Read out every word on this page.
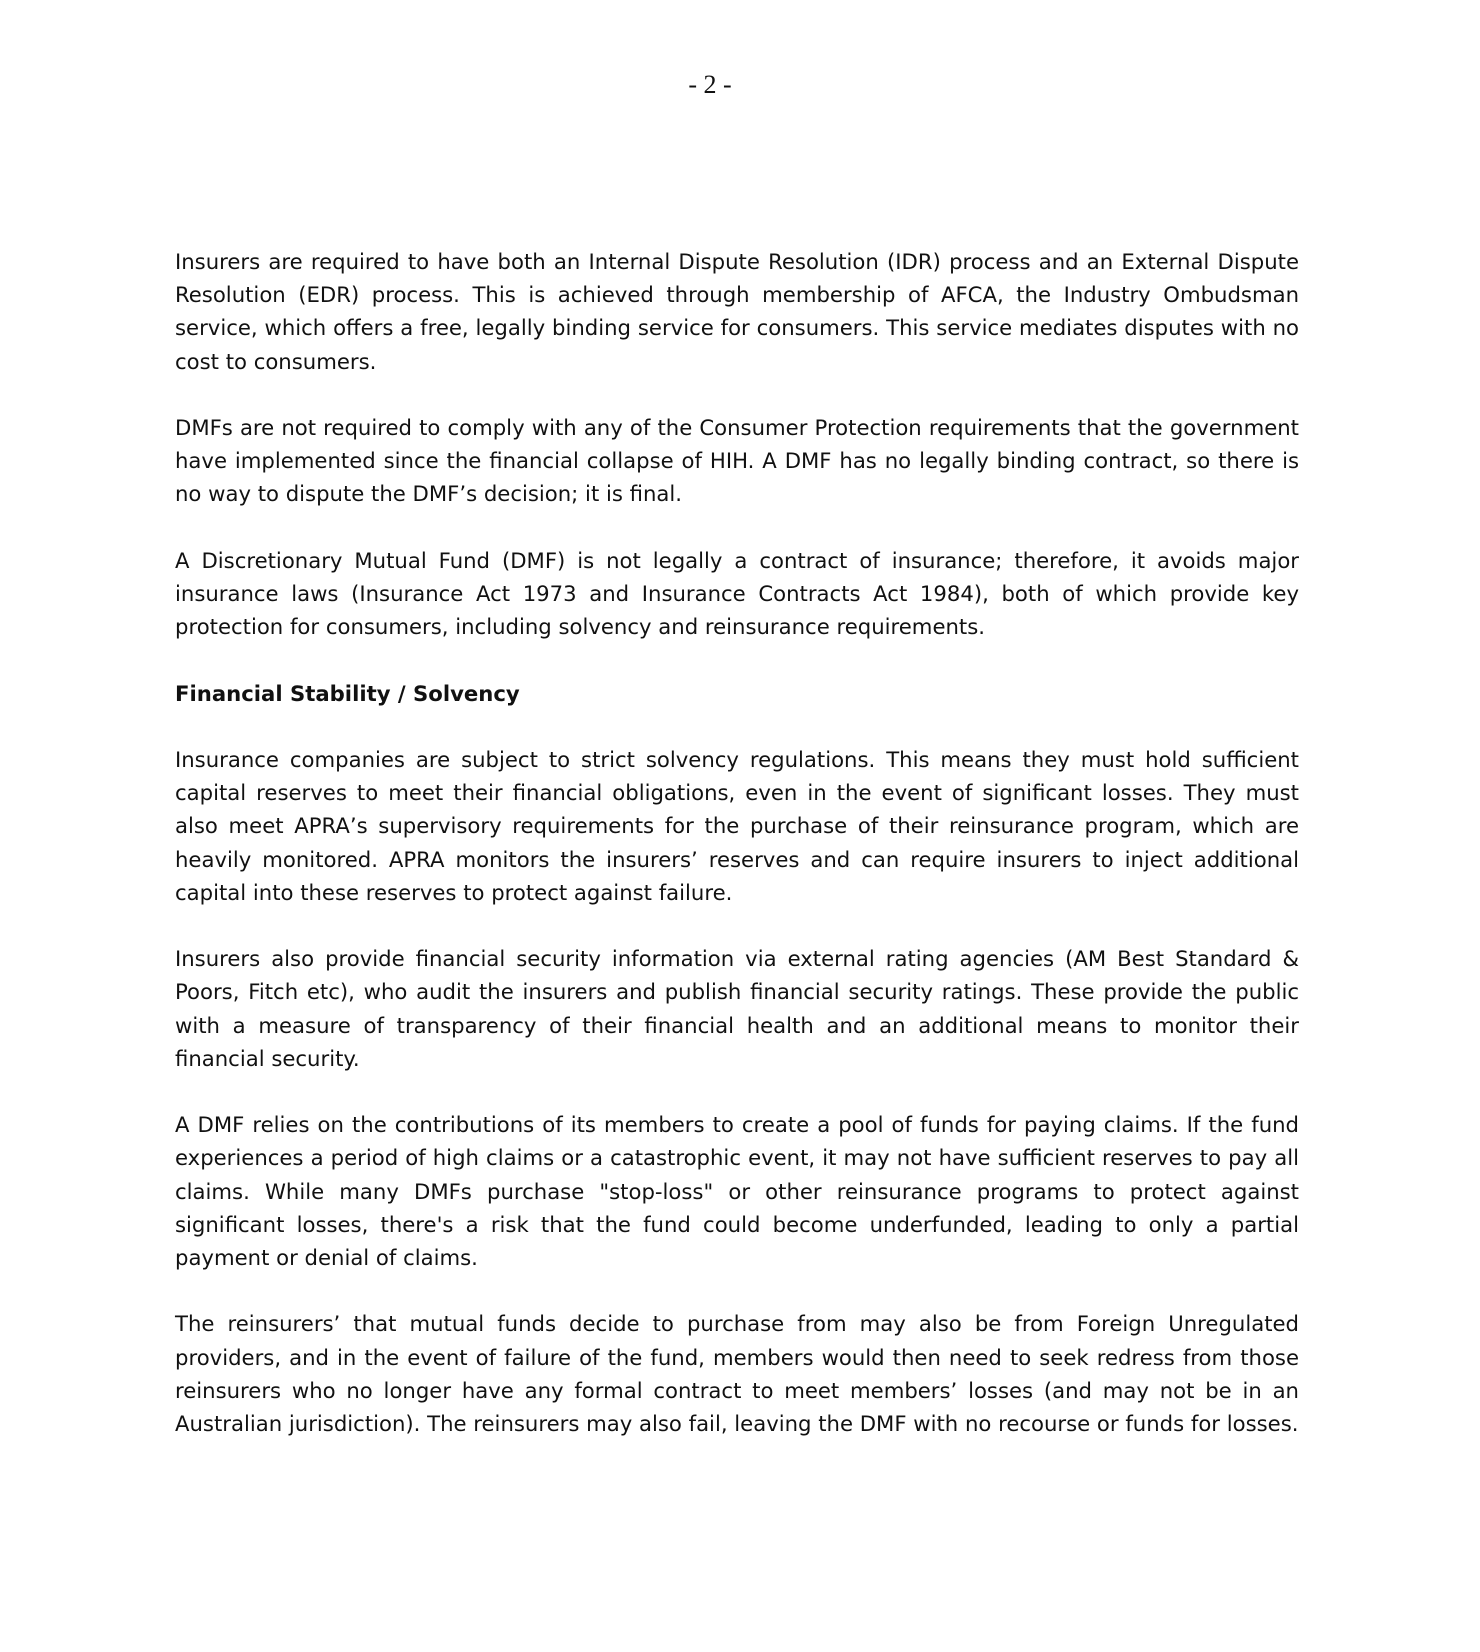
- 2 -

Insurers are required to have both an Internal Dispute Resolution (IDR) process and an External Dispute Resolution (EDR) process. This is achieved through membership of AFCA, the Industry Ombudsman service, which offers a free, legally binding service for consumers. This service mediates disputes with no cost to consumers.

DMFs are not required to comply with any of the Consumer Protection requirements that the government have implemented since the financial collapse of HIH. A DMF has no legally binding contract, so there is no way to dispute the DMF’s decision; it is final.

A Discretionary Mutual Fund (DMF) is not legally a contract of insurance; therefore, it avoids major insurance laws (Insurance Act 1973 and Insurance Contracts Act 1984), both of which provide key protection for consumers, including solvency and reinsurance requirements.

Financial Stability / Solvency

Insurance companies are subject to strict solvency regulations. This means they must hold sufficient capital reserves to meet their financial obligations, even in the event of significant losses. They must also meet APRA’s supervisory requirements for the purchase of their reinsurance program, which are heavily monitored. APRA monitors the insurers’ reserves and can require insurers to inject additional capital into these reserves to protect against failure.

Insurers also provide financial security information via external rating agencies (AM Best Standard & Poors, Fitch etc), who audit the insurers and publish financial security ratings. These provide the public with a measure of transparency of their financial health and an additional means to monitor their financial security.

A DMF relies on the contributions of its members to create a pool of funds for paying claims. If the fund experiences a period of high claims or a catastrophic event, it may not have sufficient reserves to pay all claims. While many DMFs purchase "stop-loss" or other reinsurance programs to protect against significant losses, there's a risk that the fund could become underfunded, leading to only a partial payment or denial of claims.

The reinsurers’ that mutual funds decide to purchase from may also be from Foreign Unregulated providers, and in the event of failure of the fund, members would then need to seek redress from those reinsurers who no longer have any formal contract to meet members’ losses (and may not be in an Australian jurisdiction). The reinsurers may also fail, leaving the DMF with no recourse or funds for losses.
